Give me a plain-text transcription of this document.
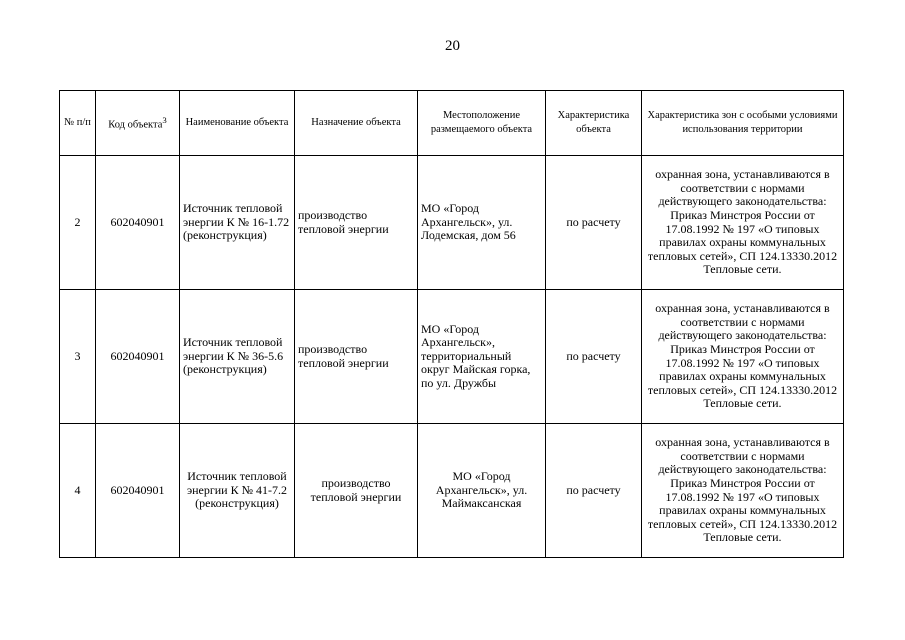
20
№ п/п	Код объекта$^3$	Наименование объекта	Назначение объекта	Местоположение размещаемого объекта	Характеристика объекта	Характеристика зон с особыми условиями использования территории
2	602040901	Источник тепловой энергии К № 16-1.72 (реконструкция)	производство тепловой энергии	МО «Город Архангельск», ул. Лодемская, дом 56	по расчету	охранная зона, устанавливаются в соответствии с нормами действующего законодательства: Приказ Минстроя России от 17.08.1992 № 197 «О типовых правилах охраны коммунальных тепловых сетей», СП 124.13330.2012 Тепловые сети.
3	602040901	Источник тепловой энергии К № 36-5.6 (реконструкция)	производство тепловой энергии	МО «Город Архангельск», территориальный округ Майская горка, по ул. Дружбы	по расчету	охранная зона, устанавливаются в соответствии с нормами действующего законодательства: Приказ Минстроя России от 17.08.1992 № 197 «О типовых правилах охраны коммунальных тепловых сетей», СП 124.13330.2012 Тепловые сети.
4	602040901	Источник тепловой энергии К № 41-7.2 (реконструкция)	производство тепловой энергии	МО «Город Архангельск», ул. Маймаксанская	по расчету	охранная зона, устанавливаются в соответствии с нормами действующего законодательства: Приказ Минстроя России от 17.08.1992 № 197 «О типовых правилах охраны коммунальных тепловых сетей», СП 124.13330.2012 Тепловые сети.
